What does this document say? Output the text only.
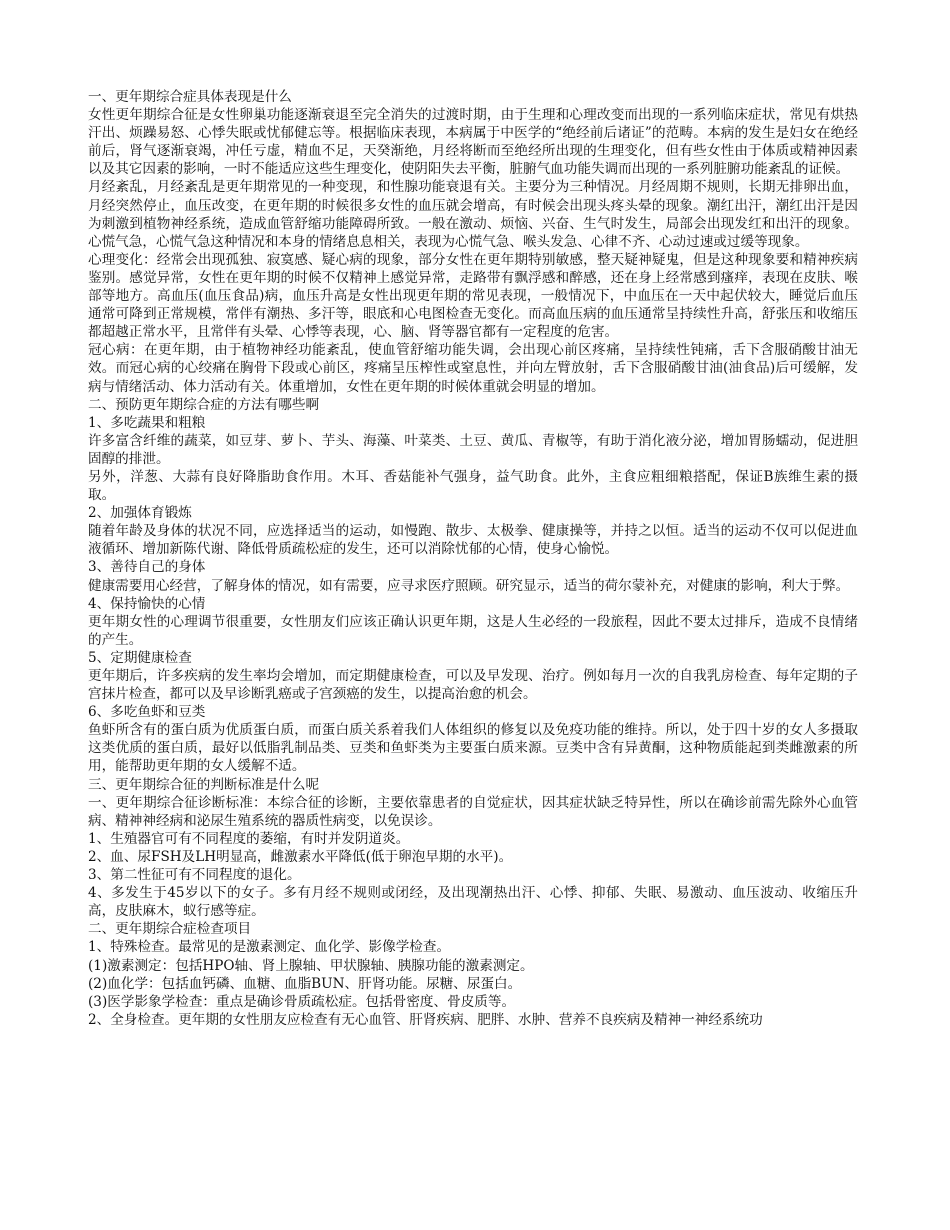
一、更年期综合症具体表现是什么

女性更年期综合征是女性卵巢功能逐渐衰退至完全消失的过渡时期，由于生理和心理改变而出现的一系列临床症状，常见有烘热汗出、烦躁易怒、心悸失眠或忧郁健忘等。根据临床表现，本病属于中医学的“绝经前后诸证”的范畴。本病的发生是妇女在绝经前后，肾气逐渐衰竭，冲任亏虚，精血不足，天癸渐绝，月经将断而至绝经所出现的生理变化，但有些女性由于体质或精神因素以及其它因素的影响，一时不能适应这些生理变化，使阴阳失去平衡，脏腑气血功能失调而出现的一系列脏腑功能紊乱的证候。

月经紊乱，月经紊乱是更年期常见的一种变现，和性腺功能衰退有关。主要分为三种情况。月经周期不规则，长期无排卵出血，月经突然停止，血压改变，在更年期的时候很多女性的血压就会增高，有时候会出现头疼头晕的现象。潮红出汗，潮红出汗是因为刺激到植物神经系统，造成血管舒缩功能障碍所致。一般在激动、烦恼、兴奋、生气时发生，局部会出现发红和出汗的现象。心慌气急，心慌气急这种情况和本身的情绪息息相关，表现为心慌气急、喉头发急、心律不齐、心动过速或过缓等现象。

心理变化：经常会出现孤独、寂寞感、疑心病的现象，部分女性在更年期特别敏感，整天疑神疑鬼，但是这种现象要和精神疾病鉴别。感觉异常，女性在更年期的时候不仅精神上感觉异常，走路带有飘浮感和醉感，还在身上经常感到瘙痒，表现在皮肤、喉部等地方。高血压(血压食品)病，血压升高是女性出现更年期的常见表现，一般情况下，中血压在一天中起伏较大，睡觉后血压通常可降到正常规模，常伴有潮热、多汗等，眼底和心电图检查无变化。而高血压病的血压通常呈持续性升高，舒张压和收缩压都超越正常水平，且常伴有头晕、心悸等表现，心、脑、肾等器官都有一定程度的危害。

冠心病：在更年期，由于植物神经功能紊乱，使血管舒缩功能失调，会出现心前区疼痛，呈持续性钝痛，舌下含服硝酸甘油无效。而冠心病的心绞痛在胸骨下段或心前区，疼痛呈压榨性或窒息性，并向左臂放射，舌下含服硝酸甘油(油食品)后可缓解，发病与情绪活动、体力活动有关。体重增加，女性在更年期的时候体重就会明显的增加。

二、预防更年期综合症的方法有哪些啊

1、多吃蔬果和粗粮

许多富含纤维的蔬菜，如豆芽、萝卜、芋头、海藻、叶菜类、土豆、黄瓜、青椒等，有助于消化液分泌，增加胃肠蠕动，促进胆固醇的排泄。

另外，洋葱、大蒜有良好降脂助食作用。木耳、香菇能补气强身，益气助食。此外，主食应粗细粮搭配，保证B族维生素的摄取。

2、加强体育锻炼

随着年龄及身体的状况不同，应选择适当的运动，如慢跑、散步、太极拳、健康操等，并持之以恒。适当的运动不仅可以促进血液循环、增加新陈代谢、降低骨质疏松症的发生，还可以消除忧郁的心情，使身心愉悦。

3、善待自己的身体

健康需要用心经营，了解身体的情况，如有需要，应寻求医疗照顾。研究显示，适当的荷尔蒙补充，对健康的影响，利大于弊。

4、保持愉快的心情

更年期女性的心理调节很重要，女性朋友们应该正确认识更年期，这是人生必经的一段旅程，因此不要太过排斥，造成不良情绪的产生。

5、定期健康检查

更年期后，许多疾病的发生率均会增加，而定期健康检查，可以及早发现、治疗。例如每月一次的自我乳房检查、每年定期的子宫抹片检查，都可以及早诊断乳癌或子宫颈癌的发生，以提高治愈的机会。

6、多吃鱼虾和豆类

鱼虾所含有的蛋白质为优质蛋白质，而蛋白质关系着我们人体组织的修复以及免疫功能的维持。所以，处于四十岁的女人多摄取这类优质的蛋白质，最好以低脂乳制品类、豆类和鱼虾类为主要蛋白质来源。豆类中含有异黄酮，这种物质能起到类雌激素的所用，能帮助更年期的女人缓解不适。

三、更年期综合征的判断标准是什么呢

一、更年期综合征诊断标准：本综合征的诊断，主要依靠患者的自觉症状，因其症状缺乏特异性，所以在确诊前需先除外心血管病、精神神经病和泌尿生殖系统的器质性病变，以免误诊。

1、生殖器官可有不同程度的萎缩，有时并发阴道炎。

2、血、尿FSH及LH明显高，雌激素水平降低(低于卵泡早期的水平)。

3、第二性征可有不同程度的退化。

4、多发生于45岁以下的女子。多有月经不规则或闭经，及出现潮热出汗、心悸、抑郁、失眠、易激动、血压波动、收缩压升高，皮肤麻木，蚁行感等症。

二、更年期综合症检查项目

1、特殊检查。最常见的是激素测定、血化学、影像学检查。

(1)激素测定：包括HPO轴、肾上腺轴、甲状腺轴、胰腺功能的激素测定。

(2)血化学：包括血钙磷、血糖、血脂BUN、肝肾功能。尿糖、尿蛋白。

(3)医学影象学检查：重点是确诊骨质疏松症。包括骨密度、骨皮质等。

2、全身检查。更年期的女性朋友应检查有无心血管、肝肾疾病、肥胖、水肿、营养不良疾病及精神一神经系统功
